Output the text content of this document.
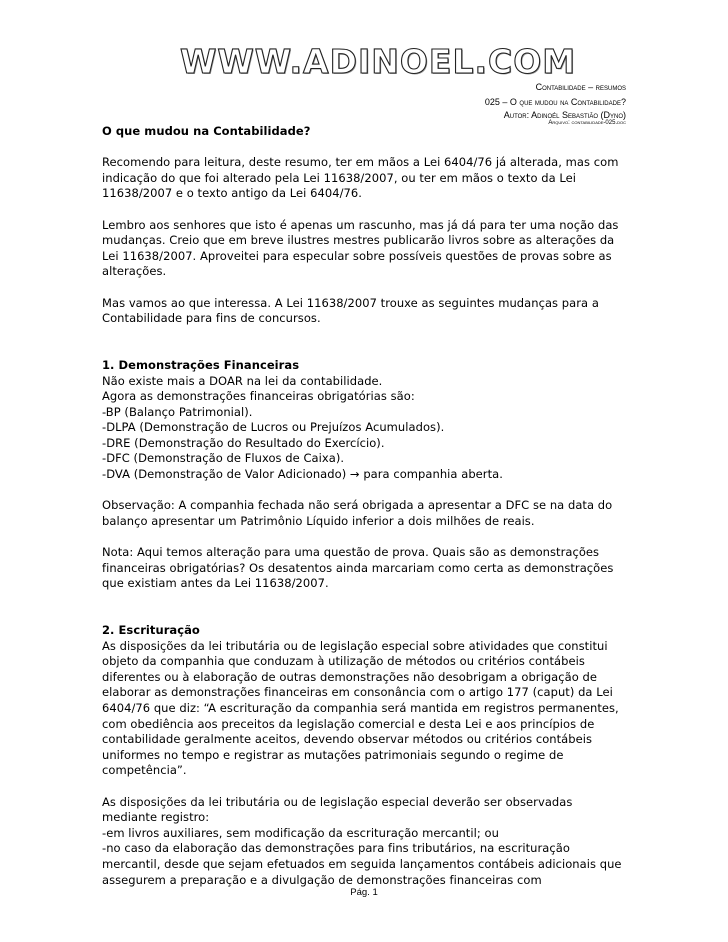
WWW.ADINOEL.COM
Contabilidade – resumos
025 – O que mudou na Contabilidade?
Autor: Adinoél Sebastião (Dyno)
Arquivo: contabilidade-025.doc
O que mudou na Contabilidade?

Recomendo para leitura, deste resumo, ter em mãos a Lei 6404/76 já alterada, mas com indicação do que foi alterado pela Lei 11638/2007, ou ter em mãos o texto da Lei 11638/2007 e o texto antigo da Lei 6404/76.

Lembro aos senhores que isto é apenas um rascunho, mas já dá para ter uma noção das mudanças. Creio que em breve ilustres mestres publicarão livros sobre as alterações da Lei 11638/2007. Aproveitei para especular sobre possíveis questões de provas sobre as alterações.

Mas vamos ao que interessa. A Lei 11638/2007 trouxe as seguintes mudanças para a Contabilidade para fins de concursos.

1. Demonstrações Financeiras
Não existe mais a DOAR na lei da contabilidade.
Agora as demonstrações financeiras obrigatórias são:
-BP (Balanço Patrimonial).
-DLPA (Demonstração de Lucros ou Prejuízos Acumulados).
-DRE (Demonstração do Resultado do Exercício).
-DFC (Demonstração de Fluxos de Caixa).
-DVA (Demonstração de Valor Adicionado) → para companhia aberta.

Observação: A companhia fechada não será obrigada a apresentar a DFC se na data do balanço apresentar um Patrimônio Líquido inferior a dois milhões de reais.

Nota: Aqui temos alteração para uma questão de prova. Quais são as demonstrações financeiras obrigatórias? Os desatentos ainda marcariam como certa as demonstrações que existiam antes da Lei 11638/2007.

2. Escrituração

As disposições da lei tributária ou de legislação especial sobre atividades que constitui objeto da companhia que conduzam à utilização de métodos ou critérios contábeis diferentes ou à elaboração de outras demonstrações não desobrigam a obrigação de elaborar as demonstrações financeiras em consonância com o artigo 177 (caput) da Lei 6404/76 que diz: “A escrituração da companhia será mantida em registros permanentes, com obediência aos preceitos da legislação comercial e desta Lei e aos princípios de contabilidade geralmente aceitos, devendo observar métodos ou critérios contábeis uniformes no tempo e registrar as mutações patrimoniais segundo o regime de competência”.

As disposições da lei tributária ou de legislação especial deverão ser observadas
mediante registro:
-em livros auxiliares, sem modificação da escrituração mercantil; ou
-no caso da elaboração das demonstrações para fins tributários, na escrituração mercantil, desde que sejam efetuados em seguida lançamentos contábeis adicionais que assegurem a preparação e a divulgação de demonstrações financeiras com
Pág. 1
